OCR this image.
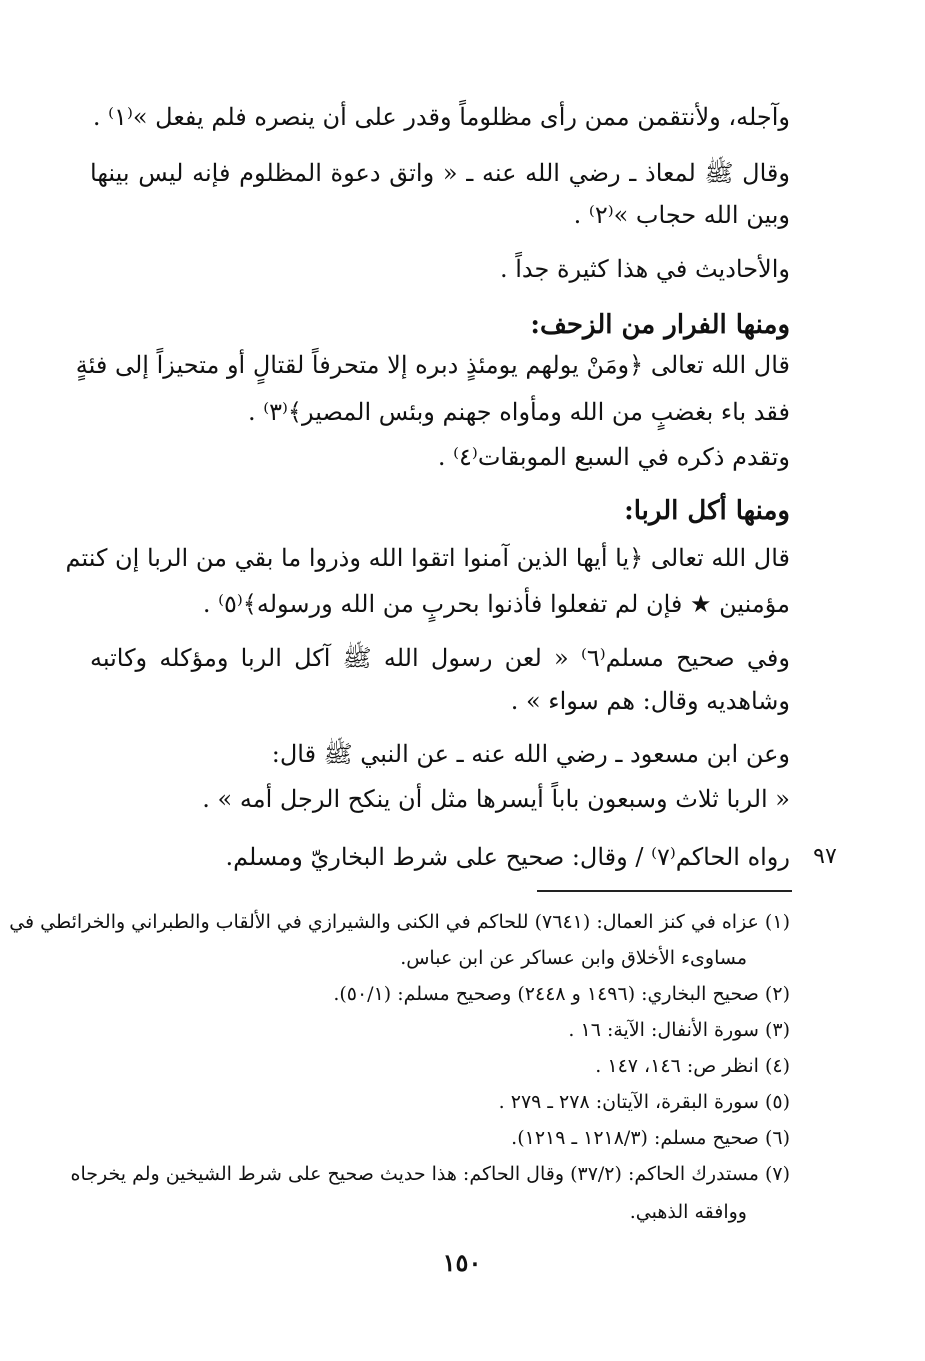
وآجله، ولأنتقمن ممن رأى مظلوماً وقدر على أن ينصره فلم يفعل »⁽١⁾ .
وقال ﷺ لمعاذ ـ رضي الله عنه ـ « واتق دعوة المظلوم فإنه ليس بينها
وبين الله حجاب »⁽٢⁾ .
والأحاديث في هذا كثيرة جداً .
ومنها الفرار من الزحف:
قال الله تعالى ﴿ومَنْ يولهم يومئذٍ دبره إلا متحرفاً لقتالٍ أو متحيزاً إلى فئةٍ
فقد باء بغضبٍ من الله ومأواه جهنم وبئس المصير﴾⁽٣⁾ .
وتقدم ذكره في السبع الموبقات⁽٤⁾ .
ومنها أكل الربا:
قال الله تعالى ﴿يا أيها الذين آمنوا اتقوا الله وذروا ما بقي من الربا إن كنتم
مؤمنين ★ فإن لم تفعلوا فأذنوا بحربٍ من الله ورسوله﴾⁽٥⁾ .
وفي صحيح مسلم⁽٦⁾ « لعن رسول الله ﷺ آكل الربا ومؤكله وكاتبه
وشاهديه وقال: هم سواء » .
وعن ابن مسعود ـ رضي الله عنه ـ عن النبي ﷺ قال:
« الربا ثلاث وسبعون باباً أيسرها مثل أن ينكح الرجل أمه » .
رواه الحاكم⁽٧⁾ / وقال: صحيح على شرط البخاريّ ومسلم.	٩٧
(١) عزاه في كنز العمال: (٧٦٤١) للحاكم في الكنى والشيرازي في الألقاب والطبراني والخرائطي في
مساوىء الأخلاق وابن عساكر عن ابن عباس.
(٢) صحيح البخاري: (١٤٩٦ و ٢٤٤٨) وصحيح مسلم: (٥٠/١).
(٣) سورة الأنفال: الآية: ١٦ .
(٤) انظر ص: ١٤٦، ١٤٧ .
(٥) سورة البقرة، الآيتان: ٢٧٨ ـ ٢٧٩ .
(٦) صحيح مسلم: (١٢١٨/٣ ـ ١٢١٩).
(٧) مستدرك الحاكم: (٣٧/٢) وقال الحاكم: هذا حديث صحيح على شرط الشيخين ولم يخرجاه
ووافقه الذهبي.
١٥٠
